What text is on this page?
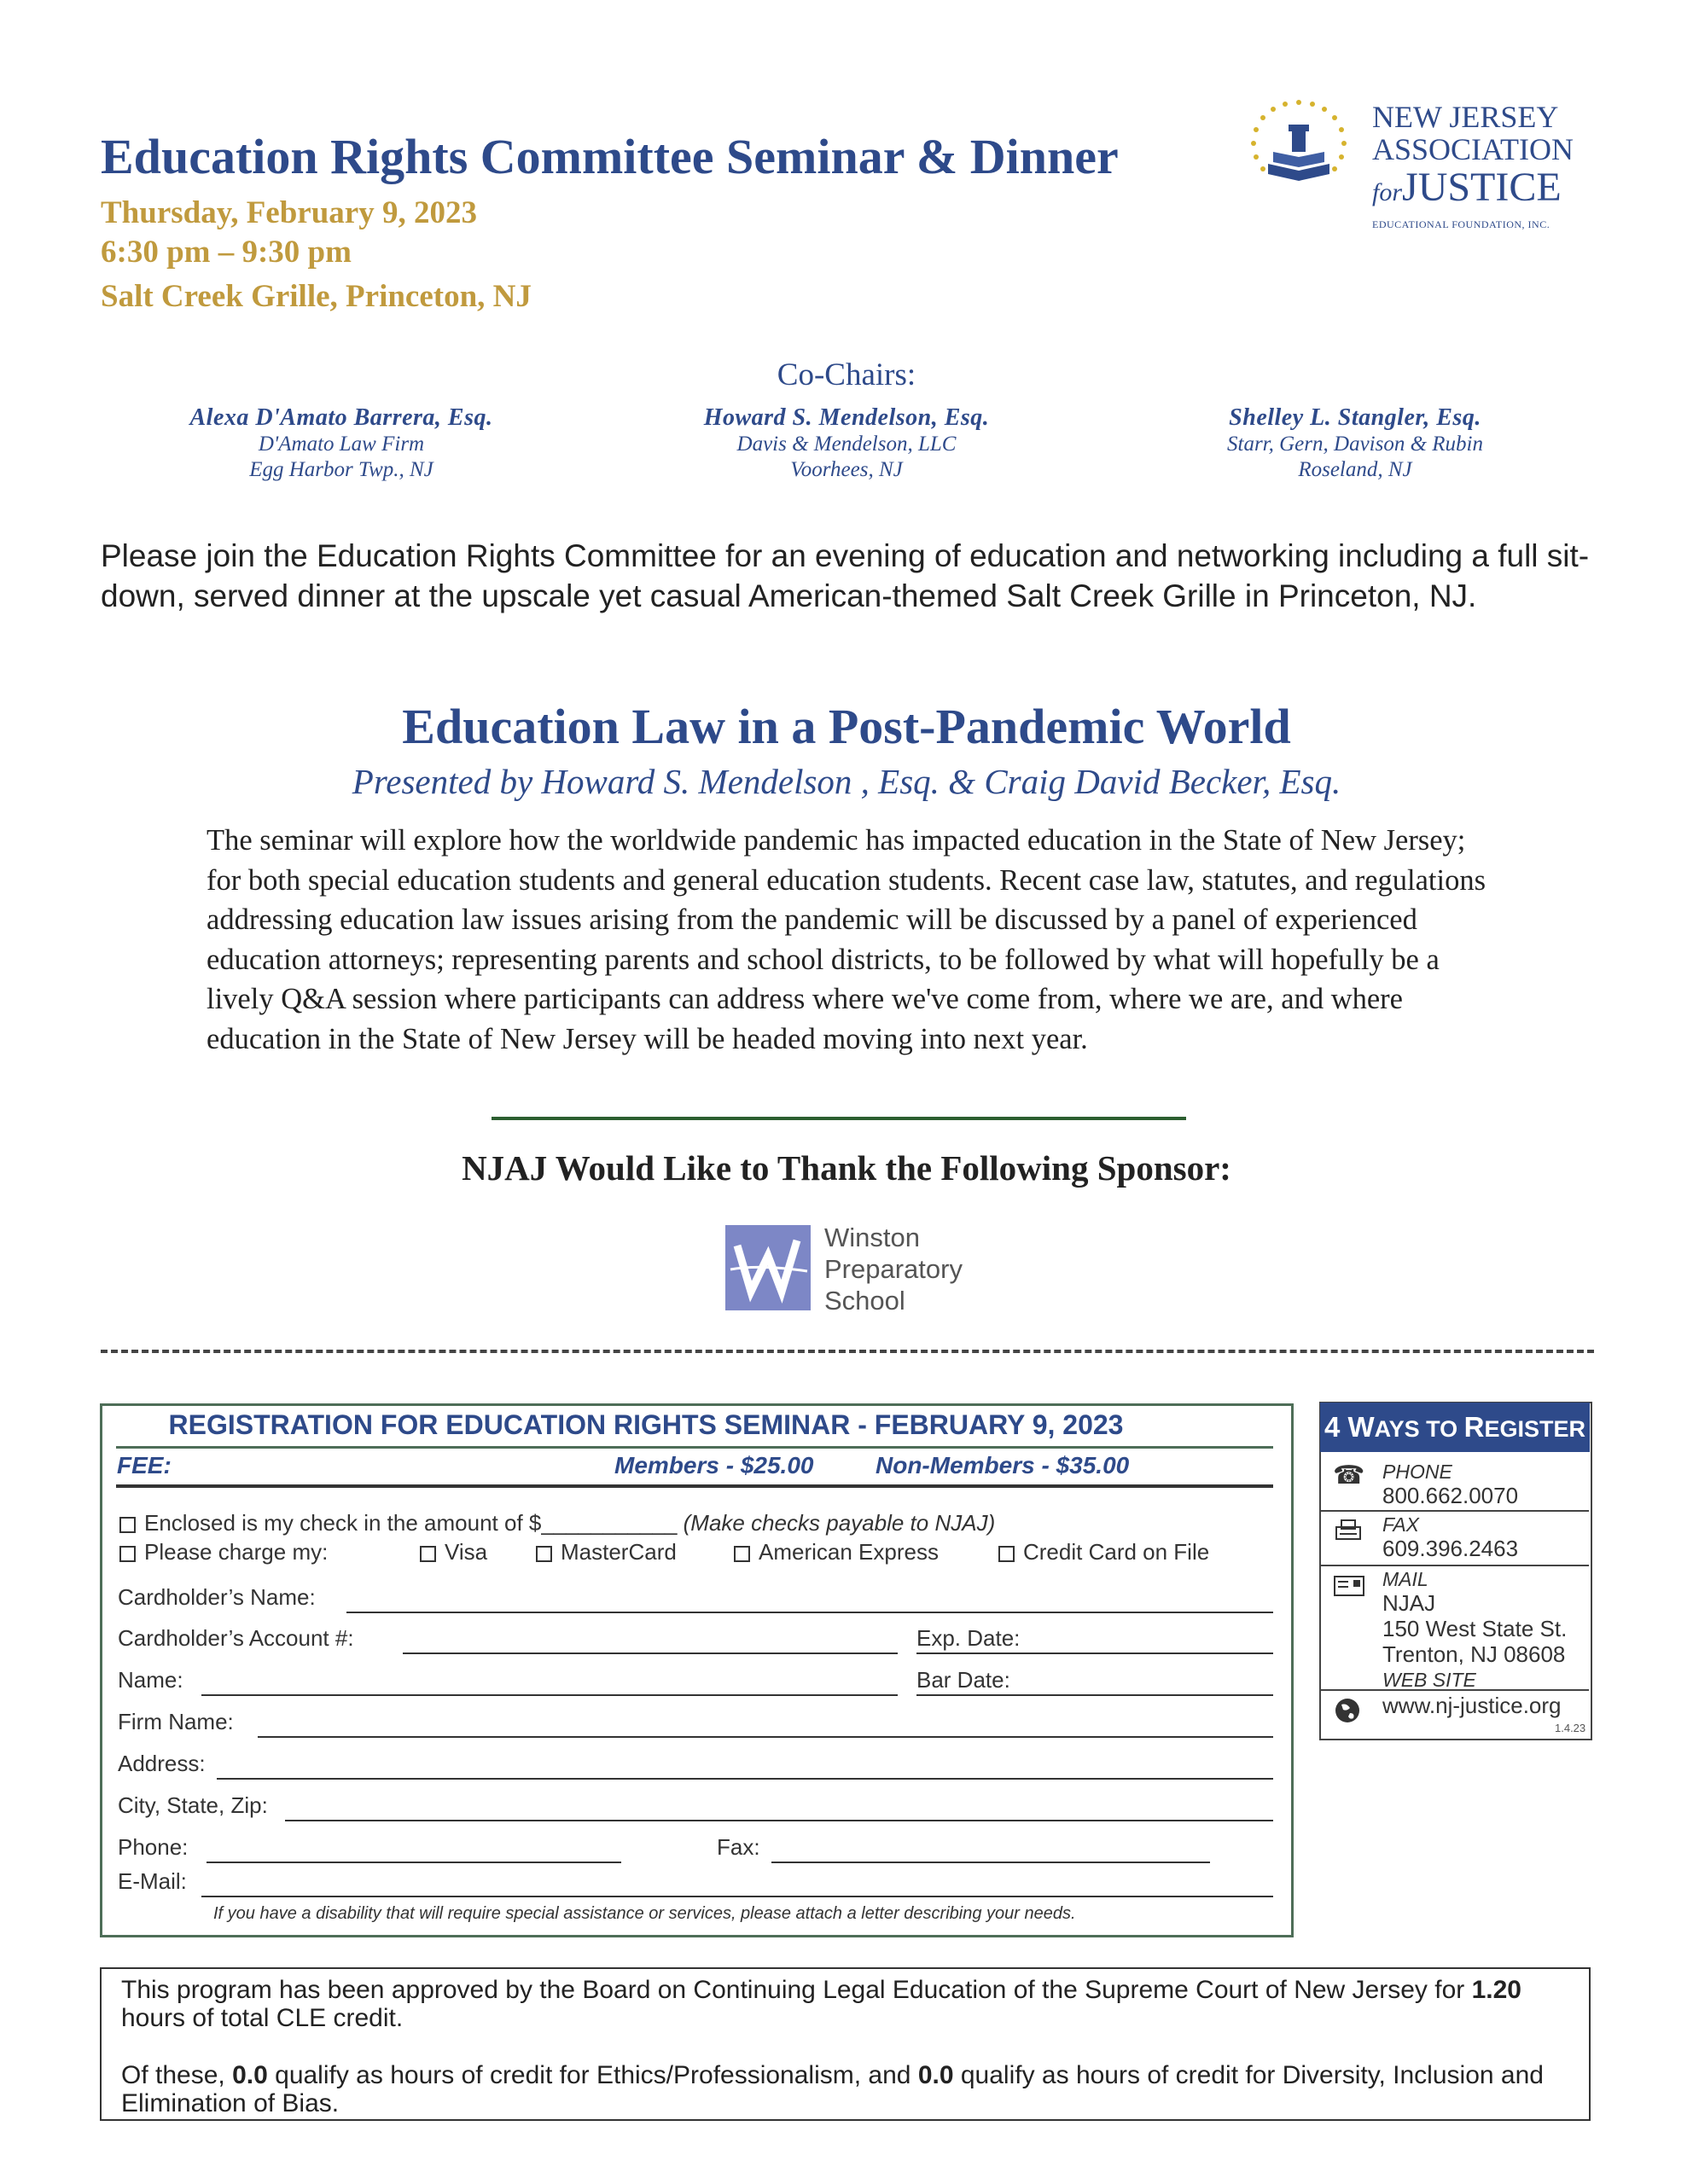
Education Rights Committee Seminar & Dinner
Thursday, February 9, 2023
6:30 pm – 9:30 pm
Salt Creek Grille, Princeton, NJ
NEW JERSEY
ASSOCIATION
forJUSTICE
EDUCATIONAL FOUNDATION, INC.
Co-Chairs:
Alexa D'Amato Barrera, Esq.
D'Amato Law Firm
Egg Harbor Twp., NJ
Howard S. Mendelson, Esq.
Davis & Mendelson, LLC
Voorhees, NJ
Shelley L. Stangler, Esq.
Starr, Gern, Davison & Rubin
Roseland, NJ
Please join the Education Rights Committee for an evening of education and networking including a full sit-down, served dinner at the upscale yet casual American-themed Salt Creek Grille in Princeton, NJ.
Education Law in a Post-Pandemic World
Presented by Howard S. Mendelson , Esq. & Craig David Becker, Esq.
The seminar will explore how the worldwide pandemic has impacted education in the State of New Jersey; for both special education students and general education students. Recent case law, statutes, and regulations addressing education law issues arising from the pandemic will be discussed by a panel of experienced education attorneys; representing parents and school districts, to be followed by what will hopefully be a lively Q&A session where participants can address where we've come from, where we are, and where education in the State of New Jersey will be headed moving into next year.
NJAJ Would Like to Thank the Following Sponsor:
Winston
Preparatory
School
REGISTRATION FOR EDUCATION RIGHTS SEMINAR - FEBRUARY 9, 2023
FEE:	Members - $25.00	Non-Members - $35.00
Enclosed is my check in the amount of $___________ (Make checks payable to NJAJ)
Please charge my:	Visa	MasterCard	American Express	Credit Card on File
Cardholder’s Name:
Cardholder’s Account #:	Exp. Date:
Name:	Bar Date:
Firm Name:
Address:
City, State, Zip:
Phone:	Fax:
E-Mail:
If you have a disability that will require special assistance or services, please attach a letter describing your needs.
4 WAYS TO REGISTER
☎ PHONE
800.662.0070
FAX
609.396.2463
MAIL
NJAJ
150 West State St.
Trenton, NJ 08608
WEB SITE
www.nj-justice.org
1.4.23
This program has been approved by the Board on Continuing Legal Education of the Supreme Court of New Jersey for 1.20 hours of total CLE credit.
Of these, 0.0 qualify as hours of credit for Ethics/Professionalism, and 0.0 qualify as hours of credit for Diversity, Inclusion and Elimination of Bias.
